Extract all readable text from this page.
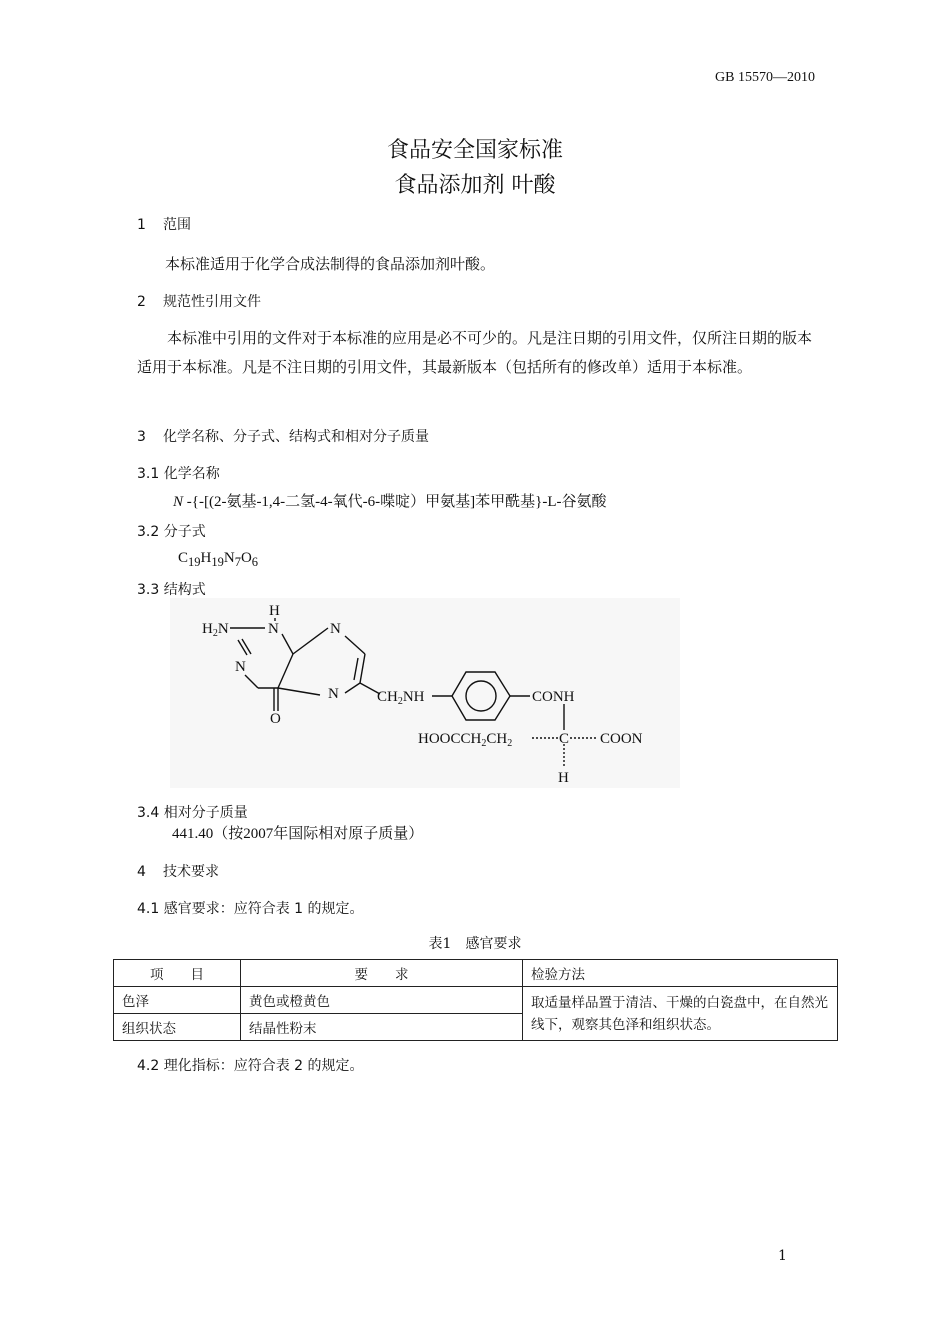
GB 15570—2010
食品安全国家标准
食品添加剂 叶酸
1 范围
本标准适用于化学合成法制得的食品添加剂叶酸。
2 规范性引用文件
本标准中引用的文件对于本标准的应用是必不可少的。凡是注日期的引用文件，仅所注日期的版本适用于本标准。凡是不注日期的引用文件，其最新版本（包括所有的修改单）适用于本标准。
3 化学名称、分子式、结构式和相对分子质量
3.1 化学名称
N -{-[(2-氨基-1,4-二氢-4-氧代-6-喋啶）甲氨基]苯甲酰基}-L-谷氨酸
3.2 分子式
$C_{19}H_{19}N_7O_6$
3.3 结构式
H
$H_2N$	N	N
N
N
O
$CH_2NH$	CONH
$HOOCCH_2CH_2$	C COON
H
3.4 相对分子质量
441.40（按2007年国际相对原子质量）
4 技术要求
4.1 感官要求：应符合表 1 的规定。
表1　感官要求
项　　目	要　　求	检验方法
色泽	黄色或橙黄色	取适量样品置于清洁、干燥的白瓷盘中，在自然光线下，观察其色泽和组织状态。
组织状态	结晶性粉末	
4.2 理化指标：应符合表 2 的规定。
1
